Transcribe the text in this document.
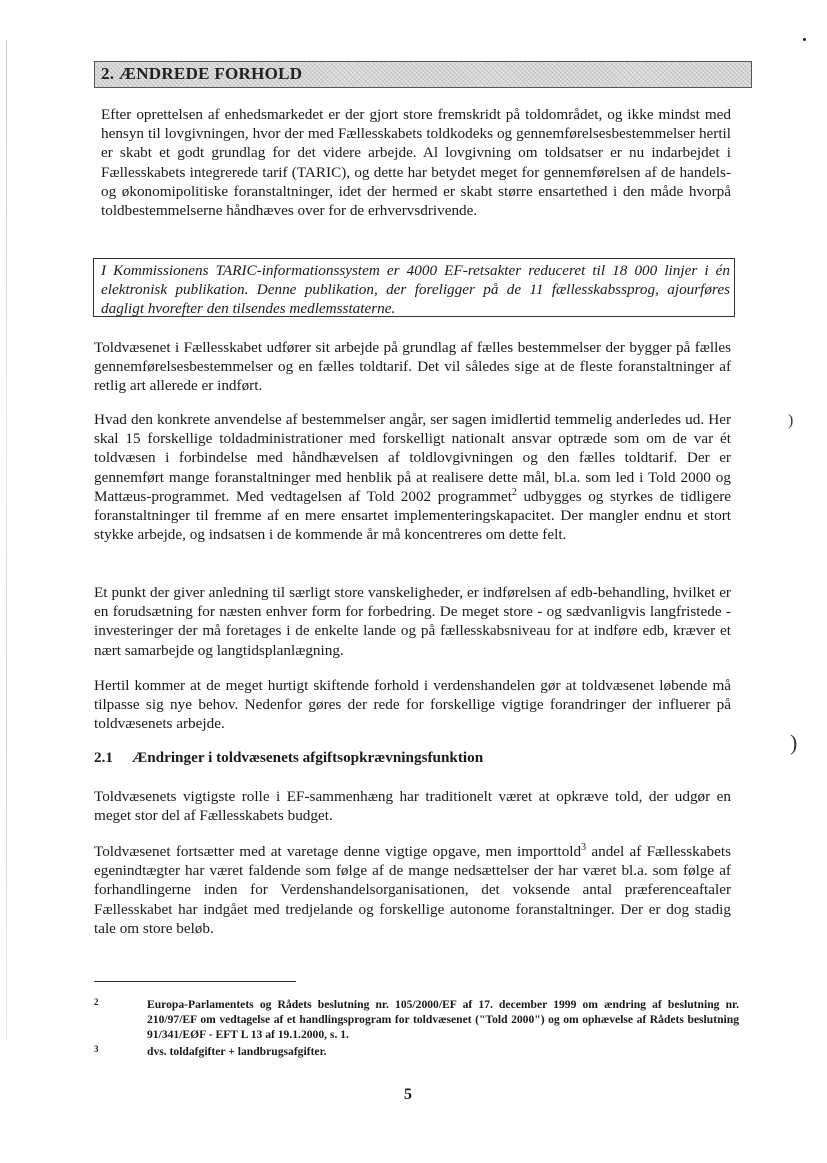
2. ÆNDREDE FORHOLD

Efter oprettelsen af enhedsmarkedet er der gjort store fremskridt på toldområdet, og ikke mindst med hensyn til lovgivningen, hvor der med Fællesskabets toldkodeks og gennemførelsesbestemmelser hertil er skabt et godt grundlag for det videre arbejde. Al lovgivning om toldsatser er nu indarbejdet i Fællesskabets integrerede tarif (TARIC), og dette har betydet meget for gennemførelsen af de handels- og økonomipolitiske foranstaltninger, idet der hermed er skabt større ensartethed i den måde hvorpå toldbestemmelserne håndhæves over for de erhvervsdrivende.

I Kommissionens TARIC-informationssystem er 4000 EF-retsakter reduceret til 18 000 linjer i én elektronisk publikation. Denne publikation, der foreligger på de 11 fællesskabssprog, ajourføres dagligt hvorefter den tilsendes medlemsstaterne.

Toldvæsenet i Fællesskabet udfører sit arbejde på grundlag af fælles bestemmelser der bygger på fælles gennemførelsesbestemmelser og en fælles toldtarif. Det vil således sige at de fleste foranstaltninger af retlig art allerede er indført.

Hvad den konkrete anvendelse af bestemmelser angår, ser sagen imidlertid temmelig anderledes ud. Her skal 15 forskellige toldadministrationer med forskelligt nationalt ansvar optræde som om de var ét toldvæsen i forbindelse med håndhævelsen af toldlovgivningen og den fælles toldtarif. Der er gennemført mange foranstaltninger med henblik på at realisere dette mål, bl.a. som led i Told 2000 og Mattæus-programmet. Med vedtagelsen af Told 2002 programmet$^2$ udbygges og styrkes de tidligere foranstaltninger til fremme af en mere ensartet implementeringskapacitet. Der mangler endnu et stort stykke arbejde, og indsatsen i de kommende år må koncentreres om dette felt.

Et punkt der giver anledning til særligt store vanskeligheder, er indførelsen af edb-behandling, hvilket er en forudsætning for næsten enhver form for forbedring. De meget store - og sædvanligvis langfristede - investeringer der må foretages i de enkelte lande og på fællesskabsniveau for at indføre edb, kræver et nært samarbejde og langtidsplanlægning.

Hertil kommer at de meget hurtigt skiftende forhold i verdenshandelen gør at toldvæsenet løbende må tilpasse sig nye behov. Nedenfor gøres der rede for forskellige vigtige forandringer der influerer på toldvæsenets arbejde.

2.1 Ændringer i toldvæsenets afgiftsopkrævningsfunktion

Toldvæsenets vigtigste rolle i EF-sammenhæng har traditionelt været at opkræve told, der udgør en meget stor del af Fællesskabets budget.

Toldvæsenet fortsætter med at varetage denne vigtige opgave, men importtold$^3$ andel af Fællesskabets egenindtægter har været faldende som følge af de mange nedsættelser der har været bl.a. som følge af forhandlingerne inden for Verdenshandelsorganisationen, det voksende antal præferenceaftaler Fællesskabet har indgået med tredjelande og forskellige autonome foranstaltninger. Der er dog stadig tale om store beløb.

2	Europa-Parlamentets og Rådets beslutning nr. 105/2000/EF af 17. december 1999 om ændring af beslutning nr. 210/97/EF om vedtagelse af et handlingsprogram for toldvæsenet ("Told 2000") og om ophævelse af Rådets beslutning 91/341/EØF - EFT L 13 af 19.1.2000, s. 1.
3	dvs. toldafgifter + landbrugsafgifter.

5

)
)
